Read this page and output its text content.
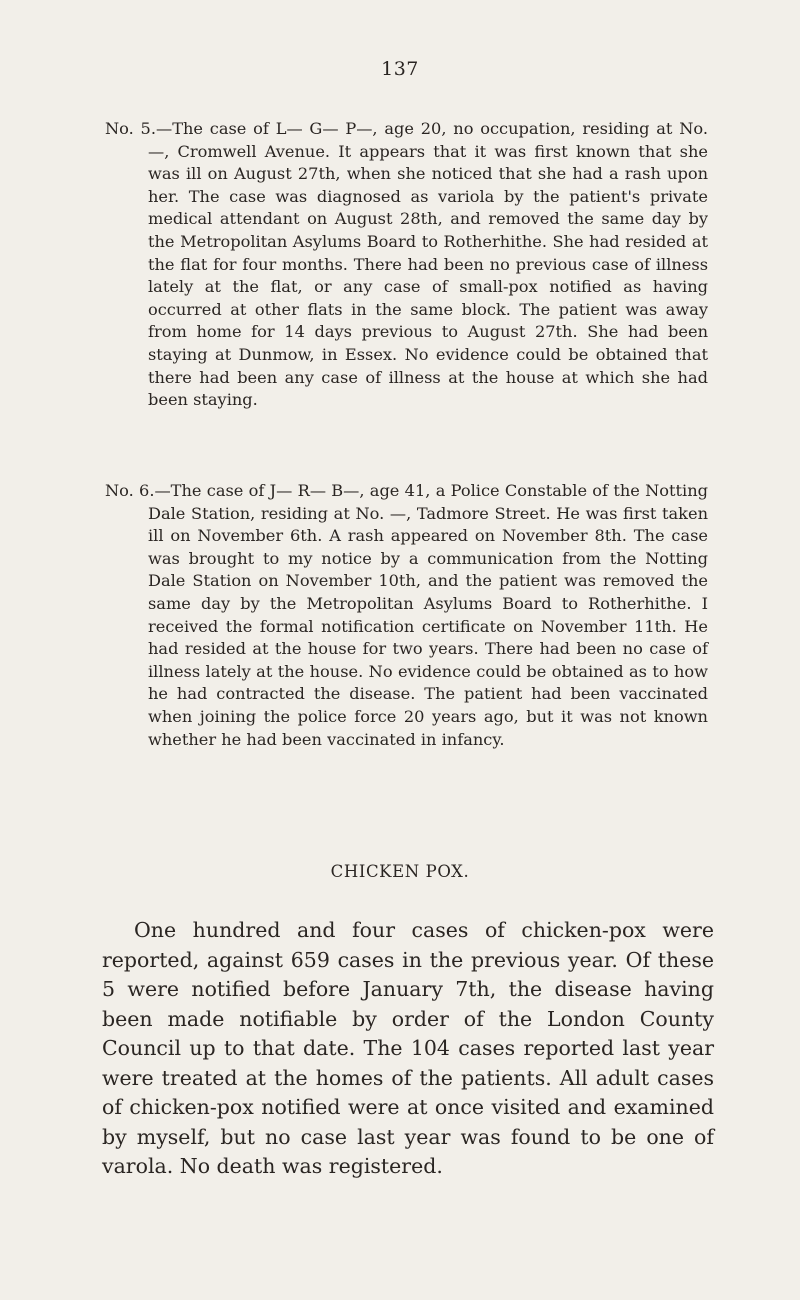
137

No. 5.—The case of L— G— P—, age 20, no occupation, residing at No. —, Cromwell Avenue. It appears that it was first known that she was ill on August 27th, when she noticed that she had a rash upon her. The case was diagnosed as variola by the patient's private medical attendant on August 28th, and removed the same day by the Metropolitan Asylums Board to Rotherhithe. She had resided at the flat for four months. There had been no previous case of illness lately at the flat, or any case of small-pox notified as having occurred at other flats in the same block. The patient was away from home for 14 days previous to August 27th. She had been staying at Dunmow, in Essex. No evidence could be obtained that there had been any case of illness at the house at which she had been staying.

No. 6.—The case of J— R— B—, age 41, a Police Constable of the Notting Dale Station, residing at No. —, Tadmore Street. He was first taken ill on November 6th. A rash appeared on November 8th. The case was brought to my notice by a communication from the Notting Dale Station on November 10th, and the patient was removed the same day by the Metropolitan Asylums Board to Rotherhithe. I received the formal notification certificate on November 11th. He had resided at the house for two years. There had been no case of illness lately at the house. No evidence could be obtained as to how he had contracted the disease. The patient had been vaccinated when joining the police force 20 years ago, but it was not known whether he had been vaccinated in infancy.

CHICKEN POX.

One hundred and four cases of chicken-pox were reported, against 659 cases in the previous year. Of these 5 were notified before January 7th, the disease having been made notifiable by order of the London County Council up to that date. The 104 cases reported last year were treated at the homes of the patients. All adult cases of chicken-pox notified were at once visited and examined by myself, but no case last year was found to be one of varola. No death was registered.
